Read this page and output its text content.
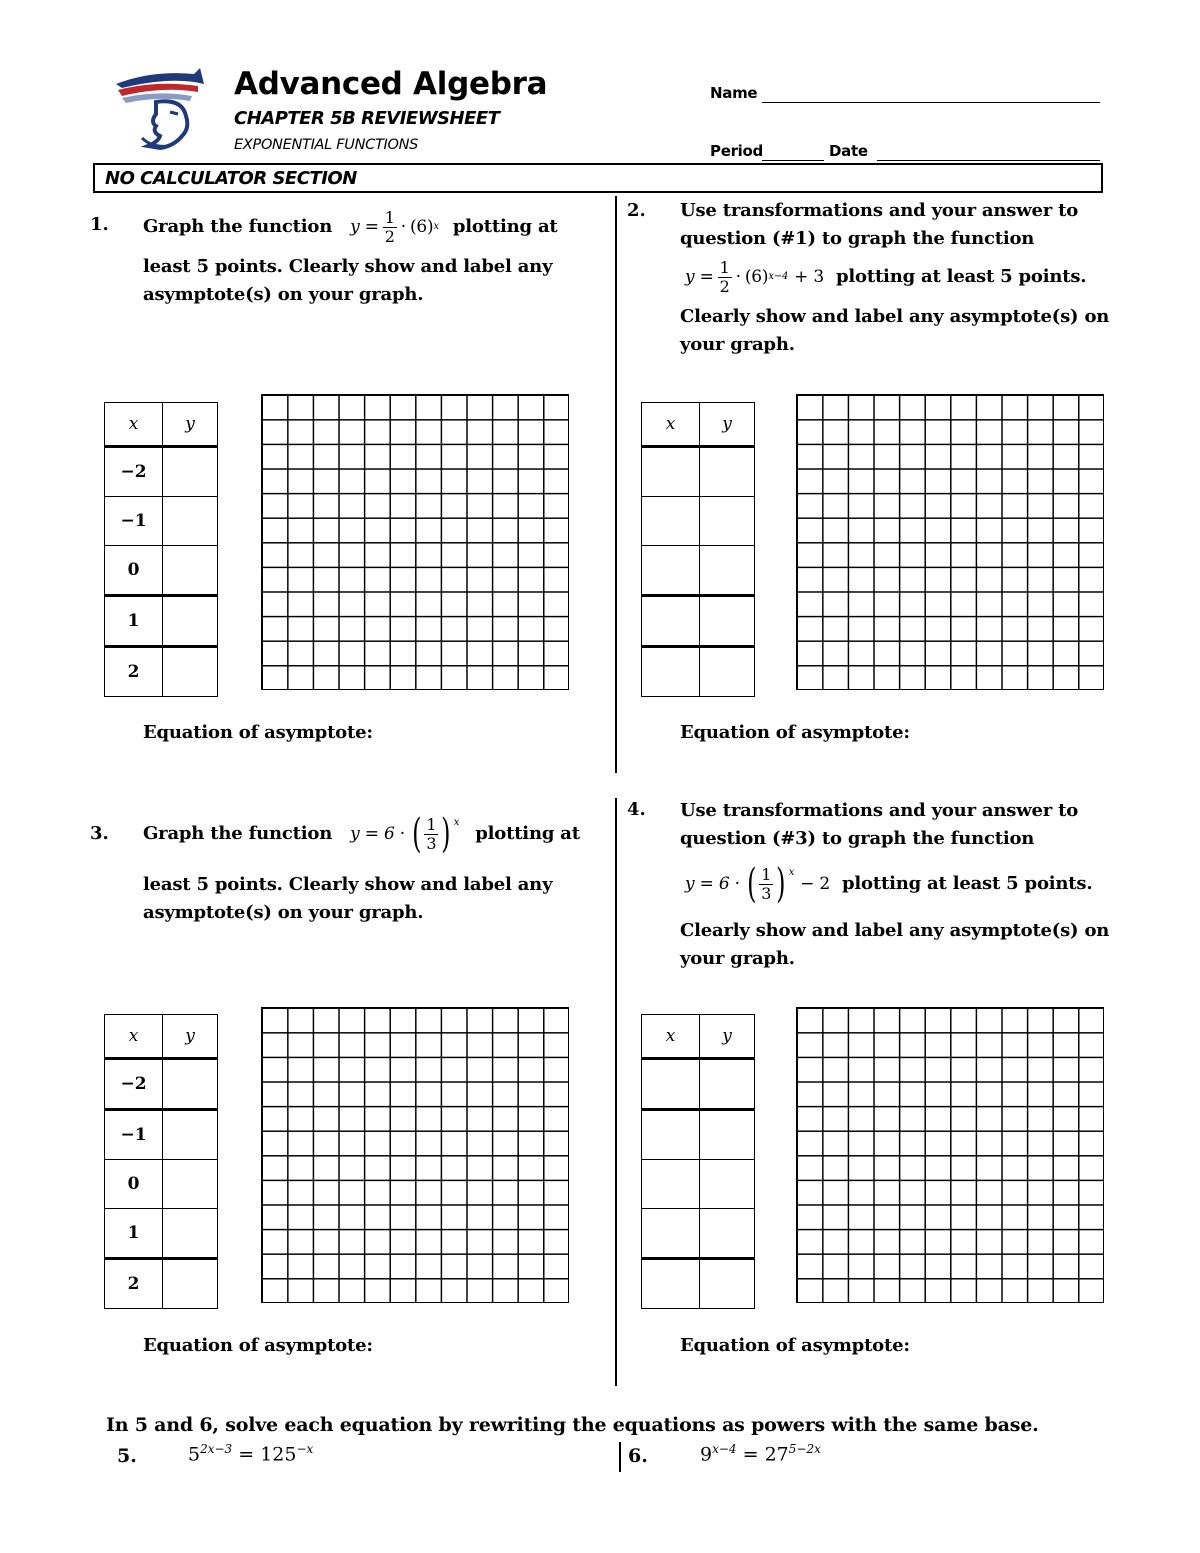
Advanced Algebra
CHAPTER 5B REVIEWSHEET
EXPONENTIAL FUNCTIONS
Name
Period	Date
NO CALCULATOR SECTION
1. Graph the function $y = \frac{1}{2} \cdot (6)$ x plotting at
least 5 points. Clearly show and label any
asymptote(s) on your graph.
x	y
−2	
−1	
0	
1	
2	
Equation of asymptote:
2. Use transformations and your answer to
question (#1) to graph the function
$y = \frac{1}{2} \cdot (6) x-4 + 3$ plotting at least 5 points.
Clearly show and label any asymptote(s) on
your graph.
x	y

Equation of asymptote:
3. Graph the function y = 6 · ( $\frac{1}{3}$ ) x
plotting at
least 5 points. Clearly show and label any
asymptote(s) on your graph.
x	y
−2	
−1	
0	
1	
2	
Equation of asymptote:
4. Use transformations and your answer to
question (#3) to graph the function
y = 6 · ( $\frac{1}{3}$ ) x
− 2 plotting at least 5 points.
Clearly show and label any asymptote(s) on
your graph.
x	y

Equation of asymptote:
In 5 and 6, solve each equation by rewriting the equations as powers with the same base.
5.	$5^{2x-3} = 125^{-x}$	6.	$9^{x-4} = 27^{5-2x}$
